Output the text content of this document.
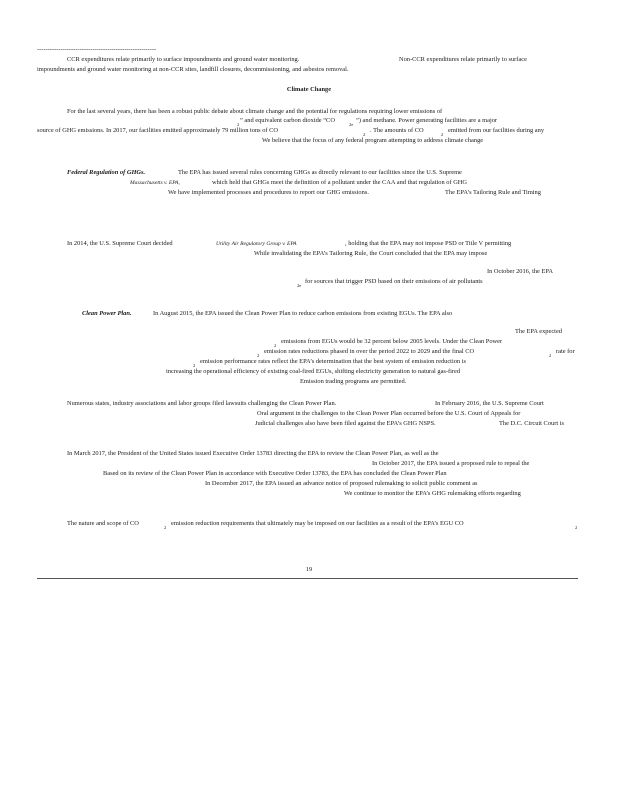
--------------------------------------------------------
CCR expenditures relate primarily to surface impoundments and ground water monitoring.	Non-CCR expenditures relate primarily to surface
impoundments and ground water monitoring at non-CCR sites, landfill closures, decommissioning, and asbestos removal.
Climate Change
For the last several years, there has been a robust public debate about climate change and the potential for regulations requiring lower emissions of
2
” and equivalent carbon dioxide “CO
2e
”) and methane. Power generating facilities are a major
source of GHG emissions. In 2017, our facilities emitted approximately 79 million tons of CO
2
. The amounts of CO
2
emitted from our facilities during any
We believe that the focus of any federal program attempting to address climate change
Federal Regulation of GHGs.	The EPA has issued several rules concerning GHGs as directly relevant to our facilities since the U.S. Supreme
Massachusetts v. EPA,	which held that GHGs meet the definition of a pollutant under the CAA and that regulation of GHG
We have implemented processes and procedures to report our GHG emissions.	The EPA’s Tailoring Rule and Timing
In 2014, the U.S. Supreme Court decided	Utility Air Regulatory Group v. EPA	, holding that the EPA may not impose PSD or Title V permitting
While invalidating the EPA’s Tailoring Rule, the Court concluded that the EPA may impose
In October 2016, the EPA
2e
for sources that trigger PSD based on their emissions of air pollutants
Clean Power Plan.	In August 2015, the EPA issued the Clean Power Plan to reduce carbon emissions from existing EGUs. The EPA also
The EPA expected
2
emissions from EGUs would be 32 percent below 2005 levels. Under the Clean Power
2
emission rates reductions phased in over the period 2022 to 2029 and the final CO
2
rate for
2
emission performance rates reflect the EPA’s determination that the best system of emission reduction is
increasing the operational efficiency of existing coal-fired EGUs, shifting electricity generation to natural gas-fired
Emission trading programs are permitted.
Numerous states, industry associations and labor groups filed lawsuits challenging the Clean Power Plan.	In February 2016, the U.S. Supreme Court
Oral argument in the challenges to the Clean Power Plan occurred before the U.S. Court of Appeals for
Judicial challenges also have been filed against the EPA’s GHG NSPS.	The D.C. Circuit Court is
In March 2017, the President of the United States issued Executive Order 13783 directing the EPA to review the Clean Power Plan, as well as the
In October 2017, the EPA issued a proposed rule to repeal the
Based on its review of the Clean Power Plan in accordance with Executive Order 13783, the EPA has concluded the Clean Power Plan
In December 2017, the EPA issued an advance notice of proposed rulemaking to solicit public comment as
We continue to monitor the EPA’s GHG rulemaking efforts regarding
The nature and scope of CO
2
emission reduction requirements that ultimately may be imposed on our facilities as a result of the EPA’s EGU CO
2
19
